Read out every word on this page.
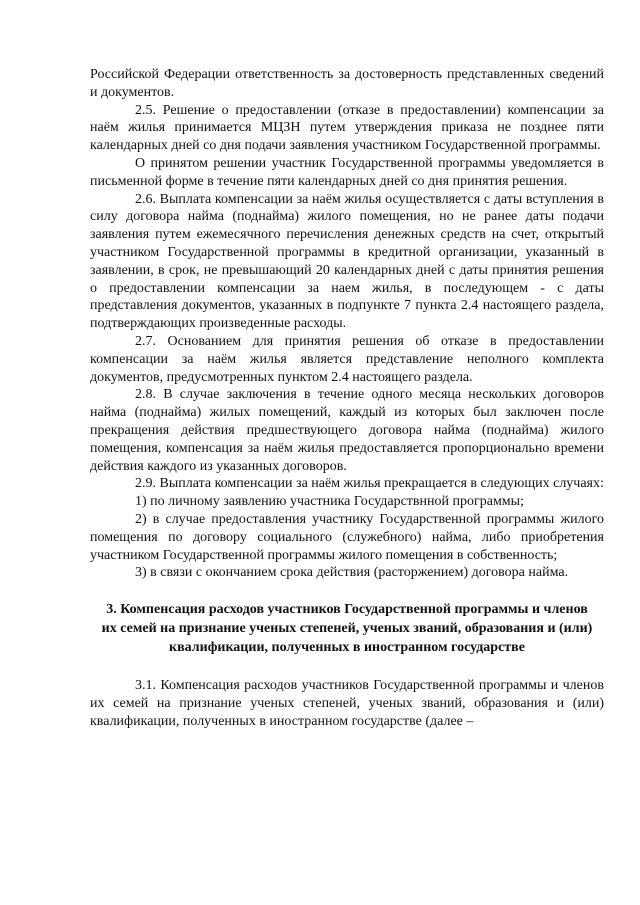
Российской Федерации ответственность за достоверность представленных сведений и документов.

2.5. Решение о предоставлении (отказе в предоставлении) компенсации за наём жилья принимается МЦЗН путем утверждения приказа не позднее пяти календарных дней со дня подачи заявления участником Государственной программы.

О принятом решении участник Государственной программы уведомляется в письменной форме в течение пяти календарных дней со дня принятия решения.

2.6. Выплата компенсации за наём жилья осуществляется с даты вступления в силу договора найма (поднайма) жилого помещения, но не ранее даты подачи заявления путем ежемесячного перечисления денежных средств на счет, открытый участником Государственной программы в кредитной организации, указанный в заявлении, в срок, не превышающий 20 календарных дней с даты принятия решения о предоставлении компенсации за наем жилья, в последующем - с даты представления документов, указанных в подпункте 7 пункта 2.4 настоящего раздела, подтверждающих произведенные расходы.

2.7. Основанием для принятия решения об отказе в предоставлении компенсации за наём жилья является представление неполного комплекта документов, предусмотренных пунктом 2.4 настоящего раздела.

2.8. В случае заключения в течение одного месяца нескольких договоров найма (поднайма) жилых помещений, каждый из которых был заключен после прекращения действия предшествующего договора найма (поднайма) жилого помещения, компенсация за наём жилья предоставляется пропорционально времени действия каждого из указанных договоров.

2.9. Выплата компенсации за наём жилья прекращается в следующих случаях:

1) по личному заявлению участника Государствнной программы;

2) в случае предоставления участнику Государственной программы жилого помещения по договору социального (служебного) найма, либо приобретения участником Государственной программы жилого помещения в собственность;

3) в связи с окончанием срока действия (расторжением) договора найма.

3. Компенсация расходов участников Государственной программы и членов их семей на признание ученых степеней, ученых званий, образования и (или) квалификации, полученных в иностранном государстве

3.1. Компенсация расходов участников Государственной программы и членов их семей на признание ученых степеней, ученых званий, образования и (или) квалификации, полученных в иностранном государстве (далее –
